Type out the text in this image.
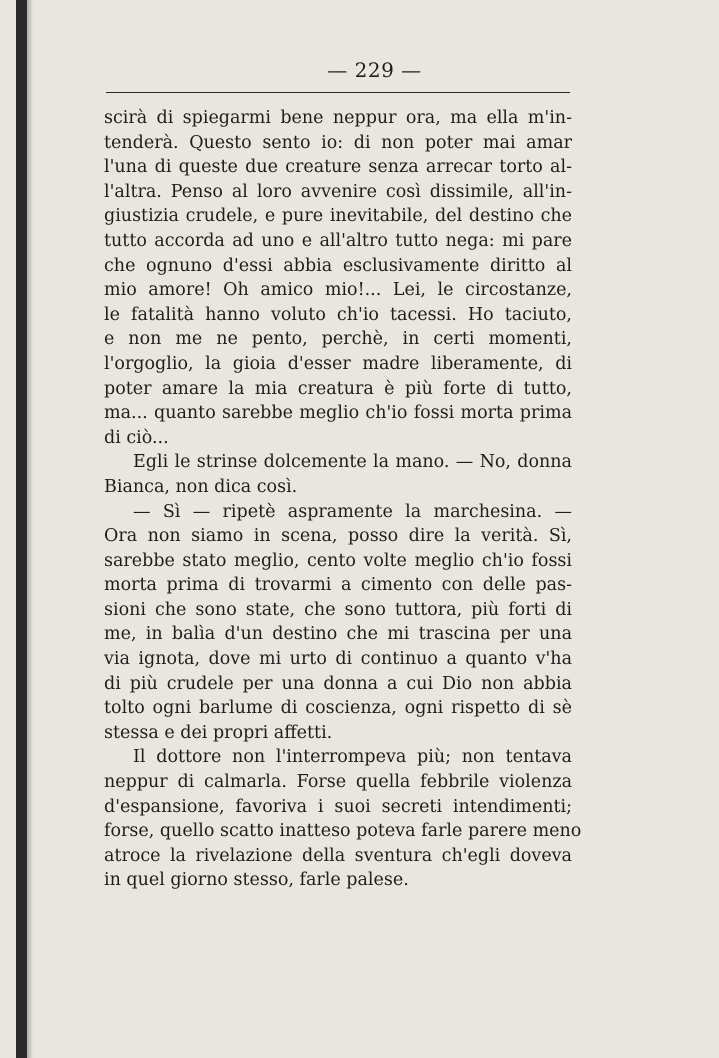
— 229 —
scirà di spiegarmi bene neppur ora, ma ella m'in-
tenderà. Questo sento io: di non poter mai amar
l'una di queste due creature senza arrecar torto al-
l'altra. Penso al loro avvenire così dissimile, all'in-
giustizia crudele, e pure inevitabile, del destino che
tutto accorda ad uno e all'altro tutto nega: mi pare
che ognuno d'essi abbia esclusivamente diritto al
mio amore! Oh amico mio!... Lei, le circostanze,
le fatalità hanno voluto ch'io tacessi. Ho taciuto,
e non me ne pento, perchè, in certi momenti,
l'orgoglio, la gioia d'esser madre liberamente, di
poter amare la mia creatura è più forte di tutto,
ma... quanto sarebbe meglio ch'io fossi morta prima
di ciò...
Egli le strinse dolcemente la mano. — No, donna
Bianca, non dica così.
— Sì — ripetè aspramente la marchesina. —
Ora non siamo in scena, posso dire la verità. Sì,
sarebbe stato meglio, cento volte meglio ch'io fossi
morta prima di trovarmi a cimento con delle pas-
sioni che sono state, che sono tuttora, più forti di
me, in balìa d'un destino che mi trascina per una
via ignota, dove mi urto di continuo a quanto v'ha
di più crudele per una donna a cui Dio non abbia
tolto ogni barlume di coscienza, ogni rispetto di sè
stessa e dei propri affetti.
Il dottore non l'interrompeva più; non tentava
neppur di calmarla. Forse quella febbrile violenza
d'espansione, favoriva i suoi secreti intendimenti;
forse, quello scatto inatteso poteva farle parere meno
atroce la rivelazione della sventura ch'egli doveva
in quel giorno stesso, farle palese.
